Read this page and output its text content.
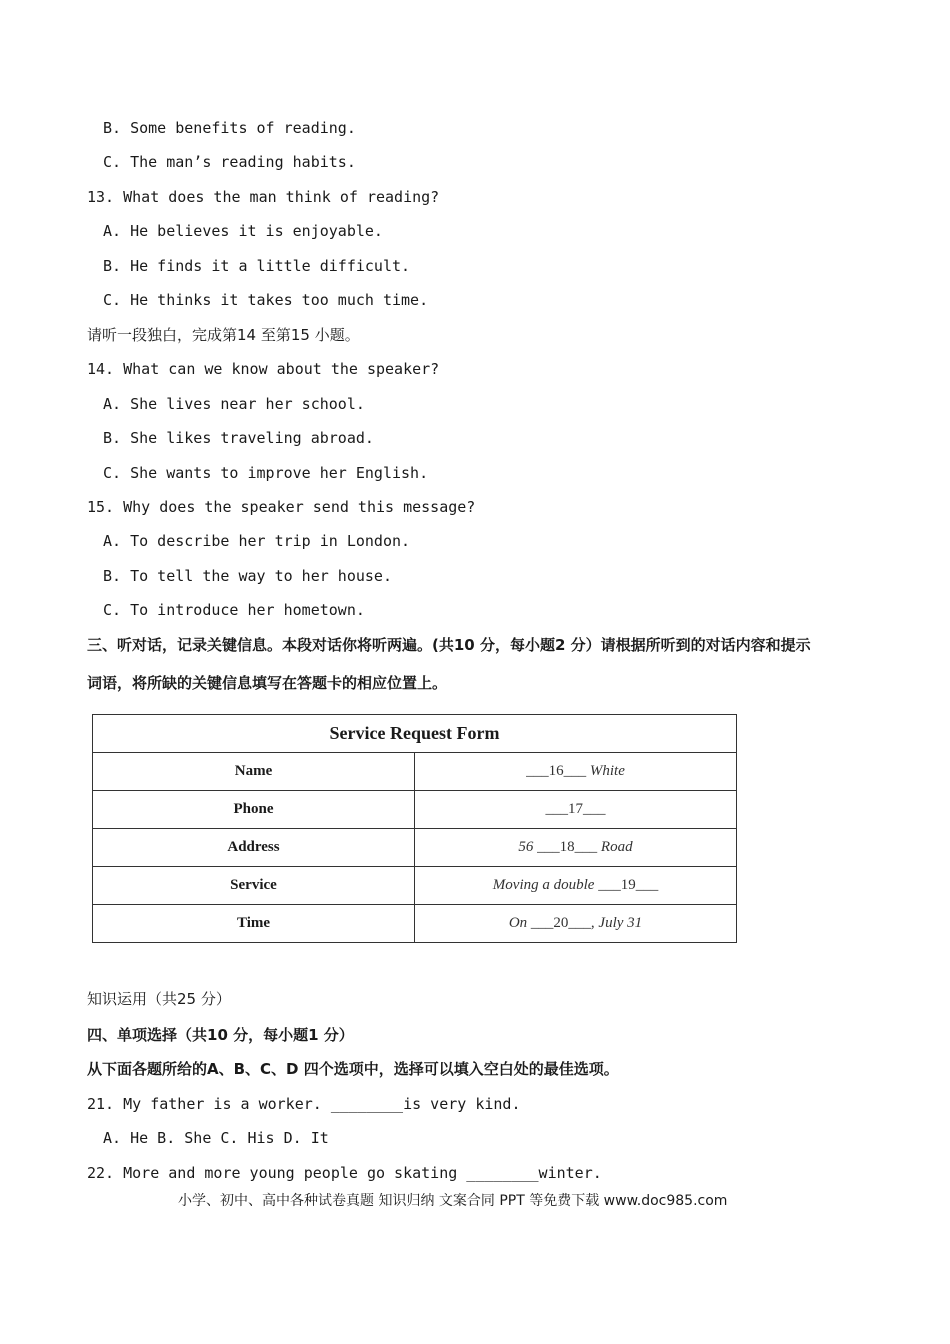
B. Some benefits of reading.
C. The man’s reading habits.
13. What does the man think of reading?
A. He believes it is enjoyable.
B. He finds it a little difficult.
C. He thinks it takes too much time.
请听一段独白，完成第14 至第15 小题。
14. What can we know about the speaker?
A. She lives near her school.
B. She likes traveling abroad.
C. She wants to improve her English.
15. Why does the speaker send this message?
A. To describe her trip in London.
B. To tell the way to her house.
C. To introduce her hometown.
三、听对话，记录关键信息。本段对话你将听两遍。(共10 分，每小题2 分）请根据所听到的对话内容和提示
词语，将所缺的关键信息填写在答题卡的相应位置上。
知识运用（共25 分）
四、单项选择（共10 分，每小题1 分）
从下面各题所给的A、B、C、D 四个选项中，选择可以填入空白处的最佳选项。
21. My father is a worker. ________is very kind.
A. He B. She C. His D. It
22. More and more young people go skating ________winter.
Service Request Form	
Name	___16___ White
Phone	___17___
Address	56 ___18___ Road
Service	Moving a double ___19___
Time	On ___20___, July 31
小学、初中、高中各种试卷真题 知识归纳 文案合同 PPT 等免费下载 www.doc985.com
